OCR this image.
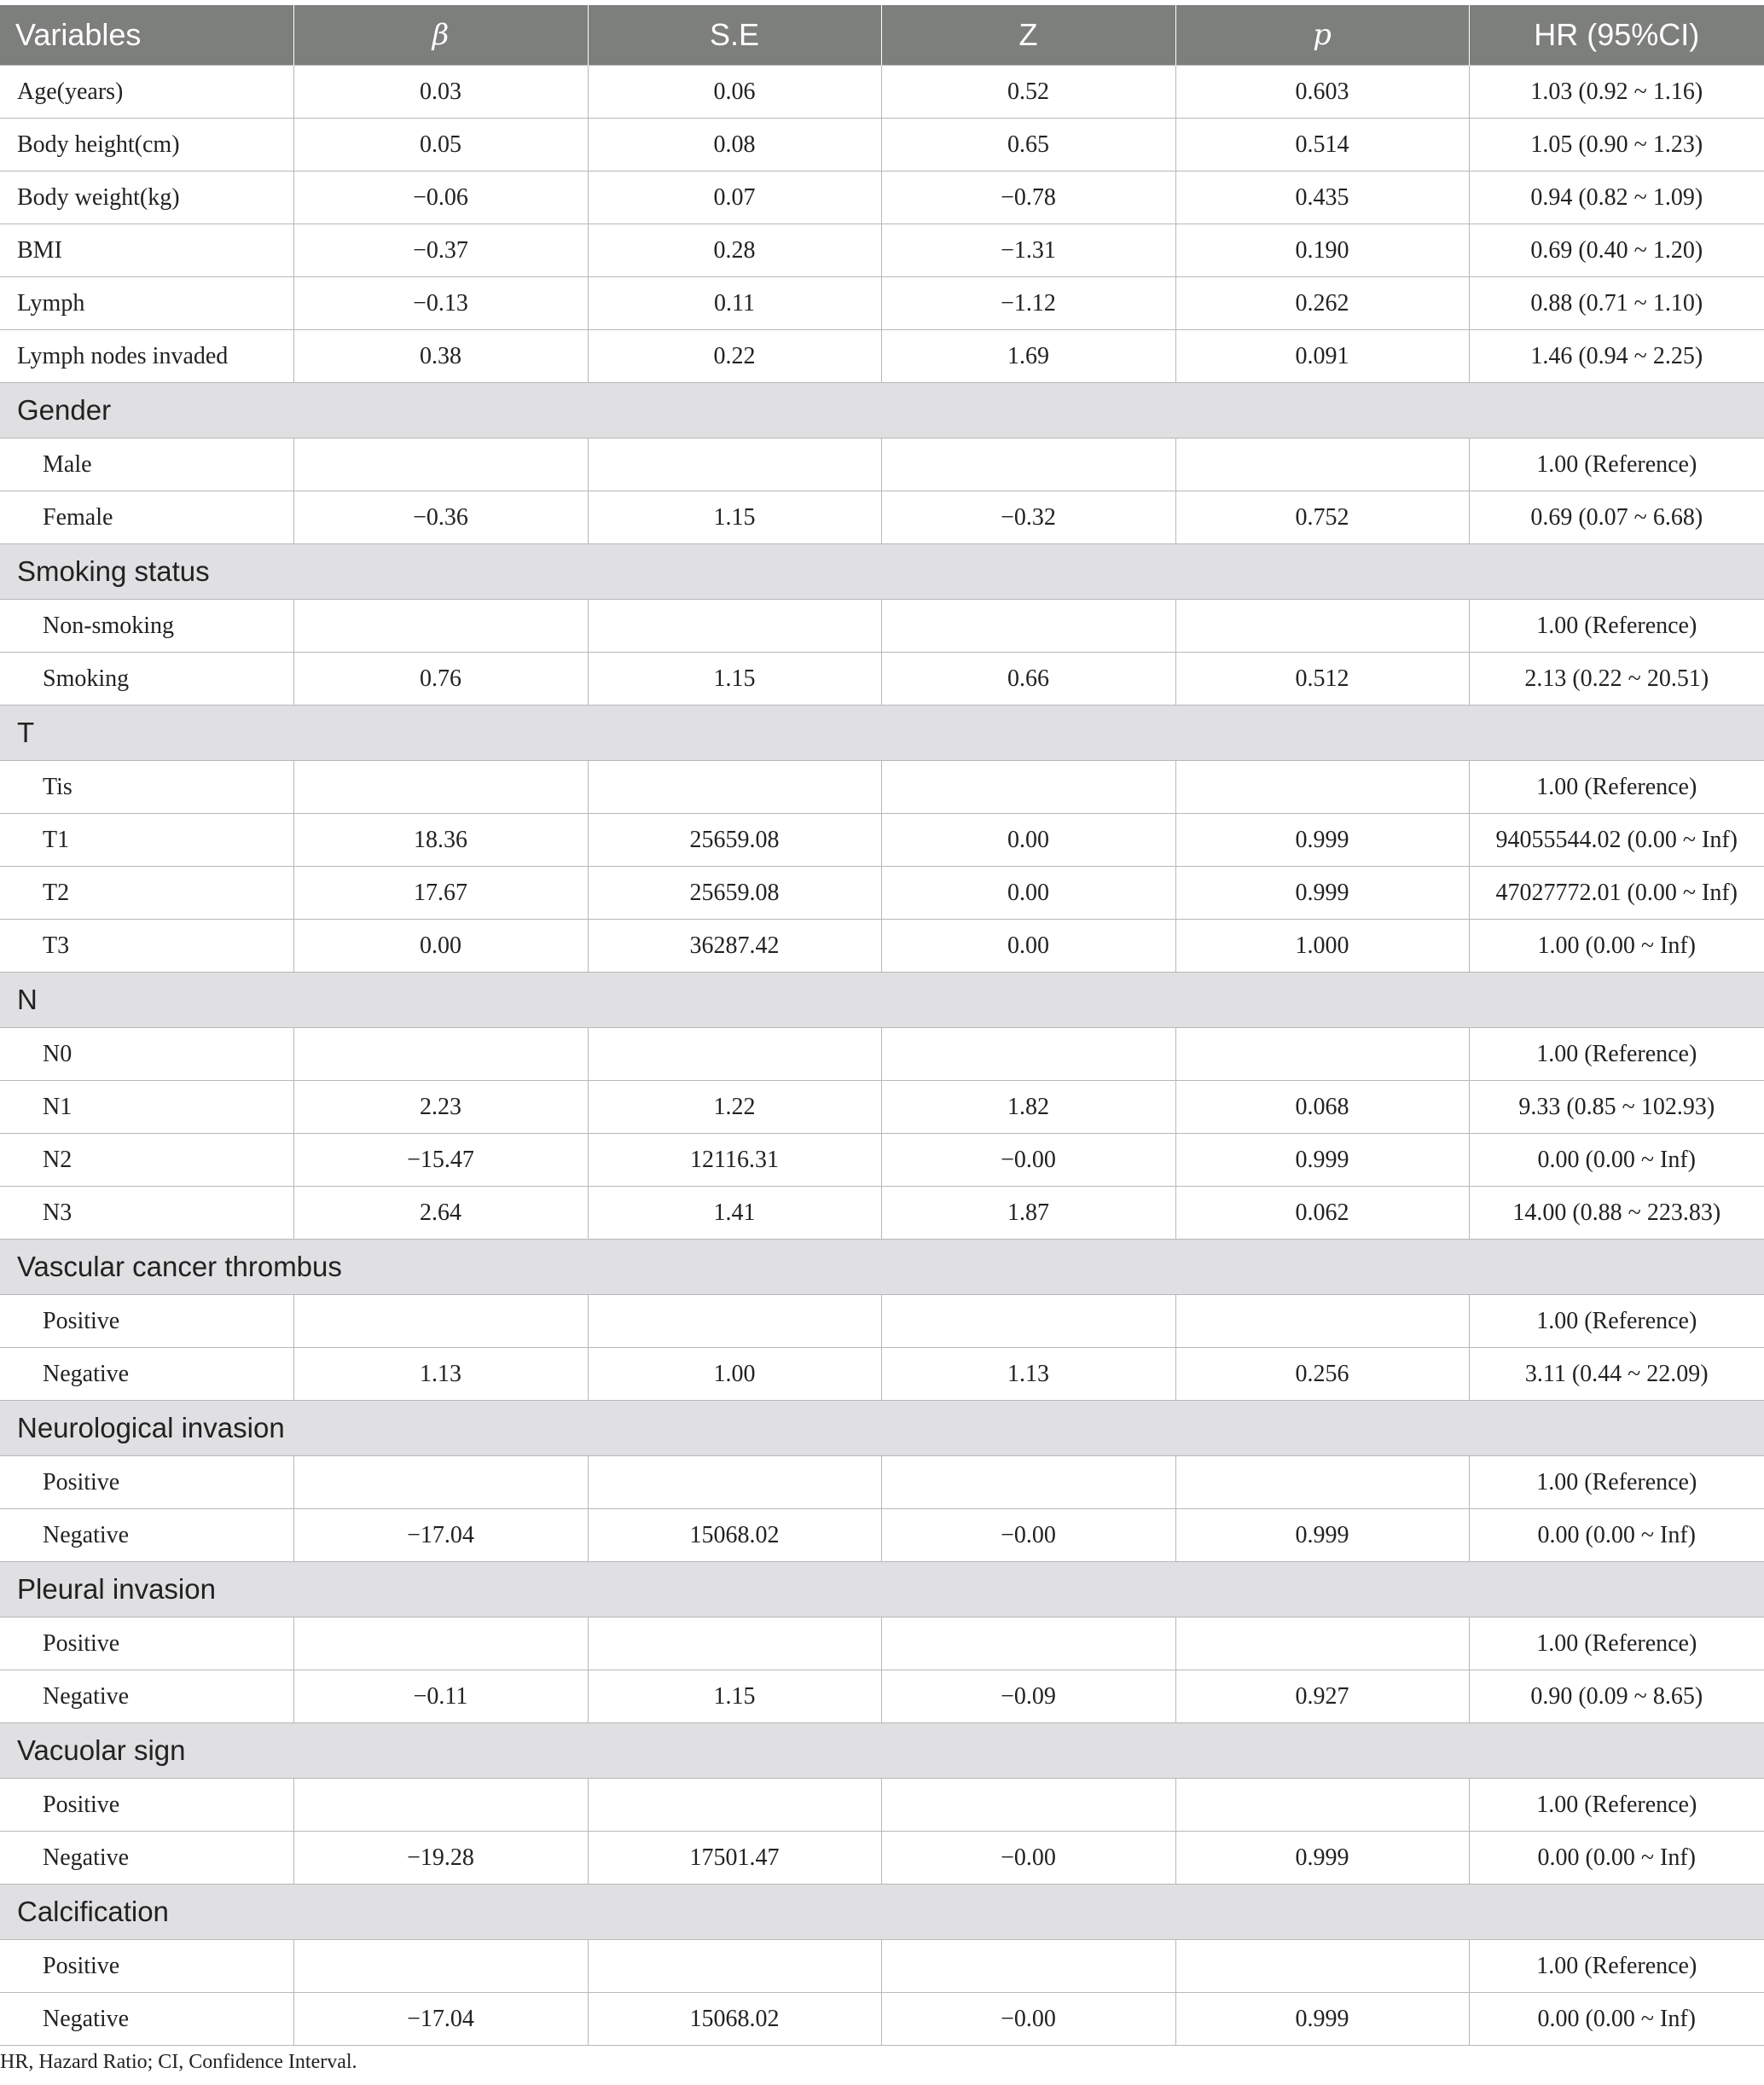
Variables	β	S.E	Z	p	HR (95%CI)
Age(years)	0.03	0.06	0.52	0.603	1.03 (0.92 ~ 1.16)
Body height(cm)	0.05	0.08	0.65	0.514	1.05 (0.90 ~ 1.23)
Body weight(kg)	−0.06	0.07	−0.78	0.435	0.94 (0.82 ~ 1.09)
BMI	−0.37	0.28	−1.31	0.190	0.69 (0.40 ~ 1.20)
Lymph	−0.13	0.11	−1.12	0.262	0.88 (0.71 ~ 1.10)
Lymph nodes invaded	0.38	0.22	1.69	0.091	1.46 (0.94 ~ 2.25)
Gender					
Male					1.00 (Reference)
Female	−0.36	1.15	−0.32	0.752	0.69 (0.07 ~ 6.68)
Smoking status					
Non-smoking					1.00 (Reference)
Smoking	0.76	1.15	0.66	0.512	2.13 (0.22 ~ 20.51)
T					
Tis					1.00 (Reference)
T1	18.36	25659.08	0.00	0.999	94055544.02 (0.00 ~ Inf)
T2	17.67	25659.08	0.00	0.999	47027772.01 (0.00 ~ Inf)
T3	0.00	36287.42	0.00	1.000	1.00 (0.00 ~ Inf)
N					
N0					1.00 (Reference)
N1	2.23	1.22	1.82	0.068	9.33 (0.85 ~ 102.93)
N2	−15.47	12116.31	−0.00	0.999	0.00 (0.00 ~ Inf)
N3	2.64	1.41	1.87	0.062	14.00 (0.88 ~ 223.83)
Vascular cancer thrombus					
Positive					1.00 (Reference)
Negative	1.13	1.00	1.13	0.256	3.11 (0.44 ~ 22.09)
Neurological invasion					
Positive					1.00 (Reference)
Negative	−17.04	15068.02	−0.00	0.999	0.00 (0.00 ~ Inf)
Pleural invasion					
Positive					1.00 (Reference)
Negative	−0.11	1.15	−0.09	0.927	0.90 (0.09 ~ 8.65)
Vacuolar sign					
Positive					1.00 (Reference)
Negative	−19.28	17501.47	−0.00	0.999	0.00 (0.00 ~ Inf)
Calcification					
Positive					1.00 (Reference)
Negative	−17.04	15068.02	−0.00	0.999	0.00 (0.00 ~ Inf)
HR, Hazard Ratio; CI, Confidence Interval.
